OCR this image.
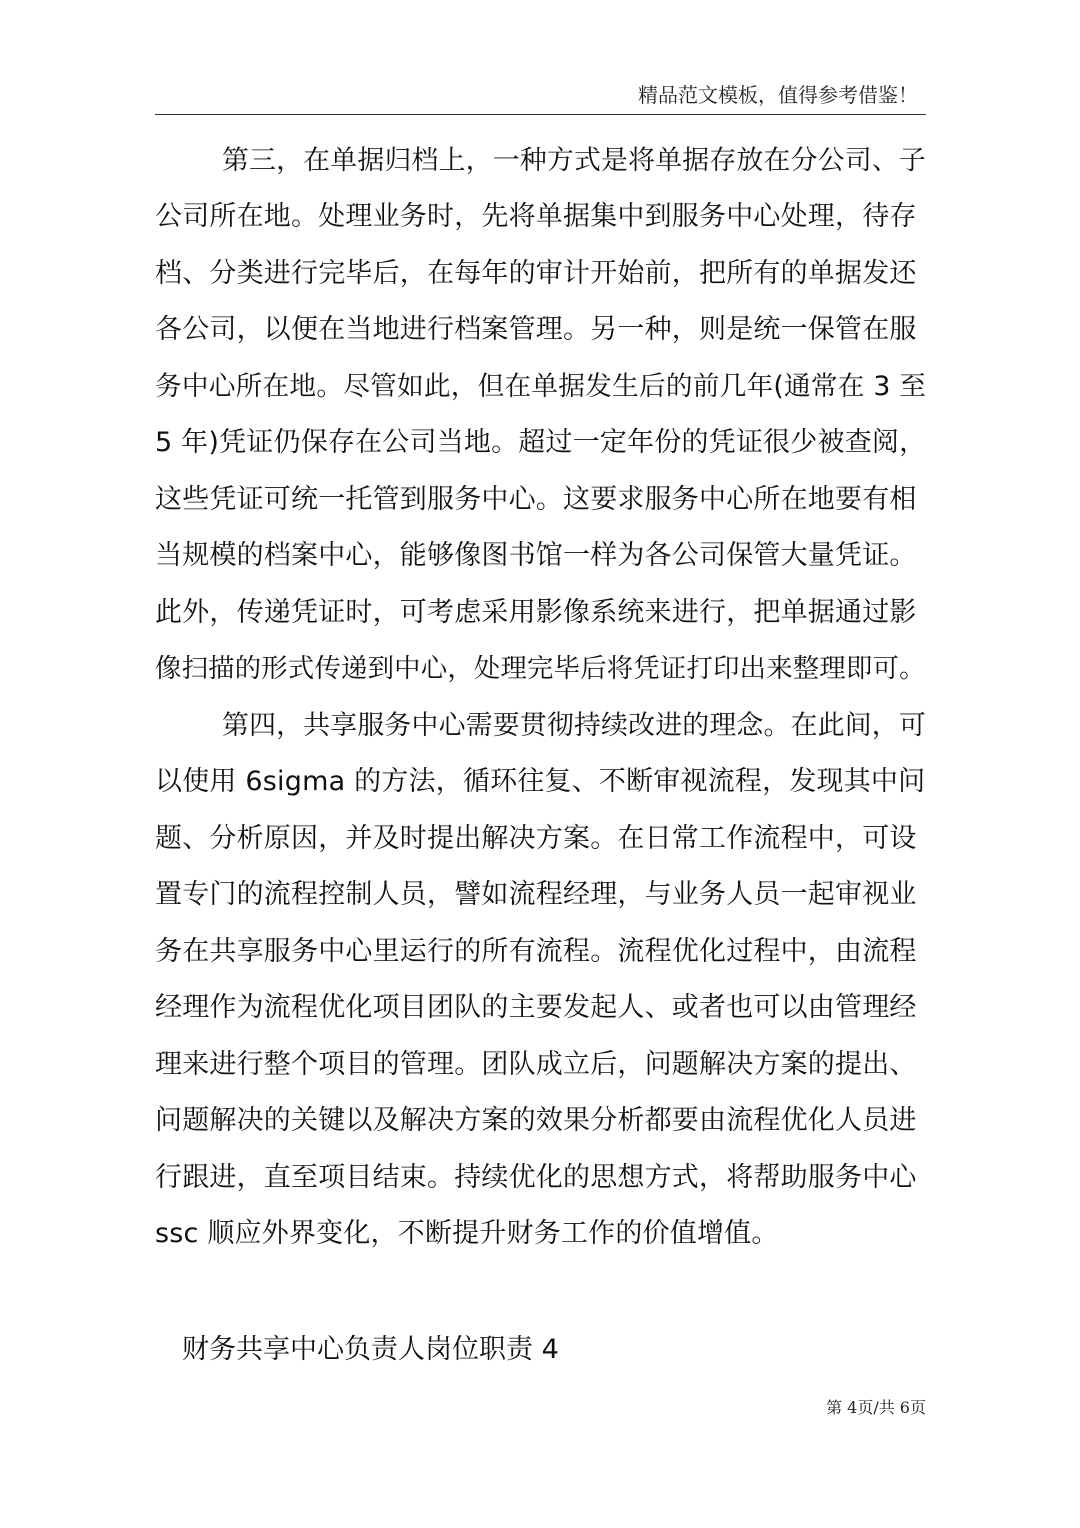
精品范文模板，值得参考借鉴！
第三，在单据归档上，一种方式是将单据存放在分公司、子
公司所在地。处理业务时，先将单据集中到服务中心处理，待存
档、分类进行完毕后，在每年的审计开始前，把所有的单据发还
各公司，以便在当地进行档案管理。另一种，则是统一保管在服
务中心所在地。尽管如此，但在单据发生后的前几年(通常在 3 至
5 年)凭证仍保存在公司当地。超过一定年份的凭证很少被查阅，
这些凭证可统一托管到服务中心。这要求服务中心所在地要有相
当规模的档案中心，能够像图书馆一样为各公司保管大量凭证。
此外，传递凭证时，可考虑采用影像系统来进行，把单据通过影
像扫描的形式传递到中心，处理完毕后将凭证打印出来整理即可。
第四，共享服务中心需要贯彻持续改进的理念。在此间，可
以使用 6sigma 的方法，循环往复、不断审视流程，发现其中问
题、分析原因，并及时提出解决方案。在日常工作流程中，可设
置专门的流程控制人员，譬如流程经理，与业务人员一起审视业
务在共享服务中心里运行的所有流程。流程优化过程中，由流程
经理作为流程优化项目团队的主要发起人、或者也可以由管理经
理来进行整个项目的管理。团队成立后，问题解决方案的提出、
问题解决的关键以及解决方案的效果分析都要由流程优化人员进
行跟进，直至项目结束。持续优化的思想方式，将帮助服务中心
ssc 顺应外界变化，不断提升财务工作的价值增值。
财务共享中心负责人岗位职责 4
第 4页/共 6页
